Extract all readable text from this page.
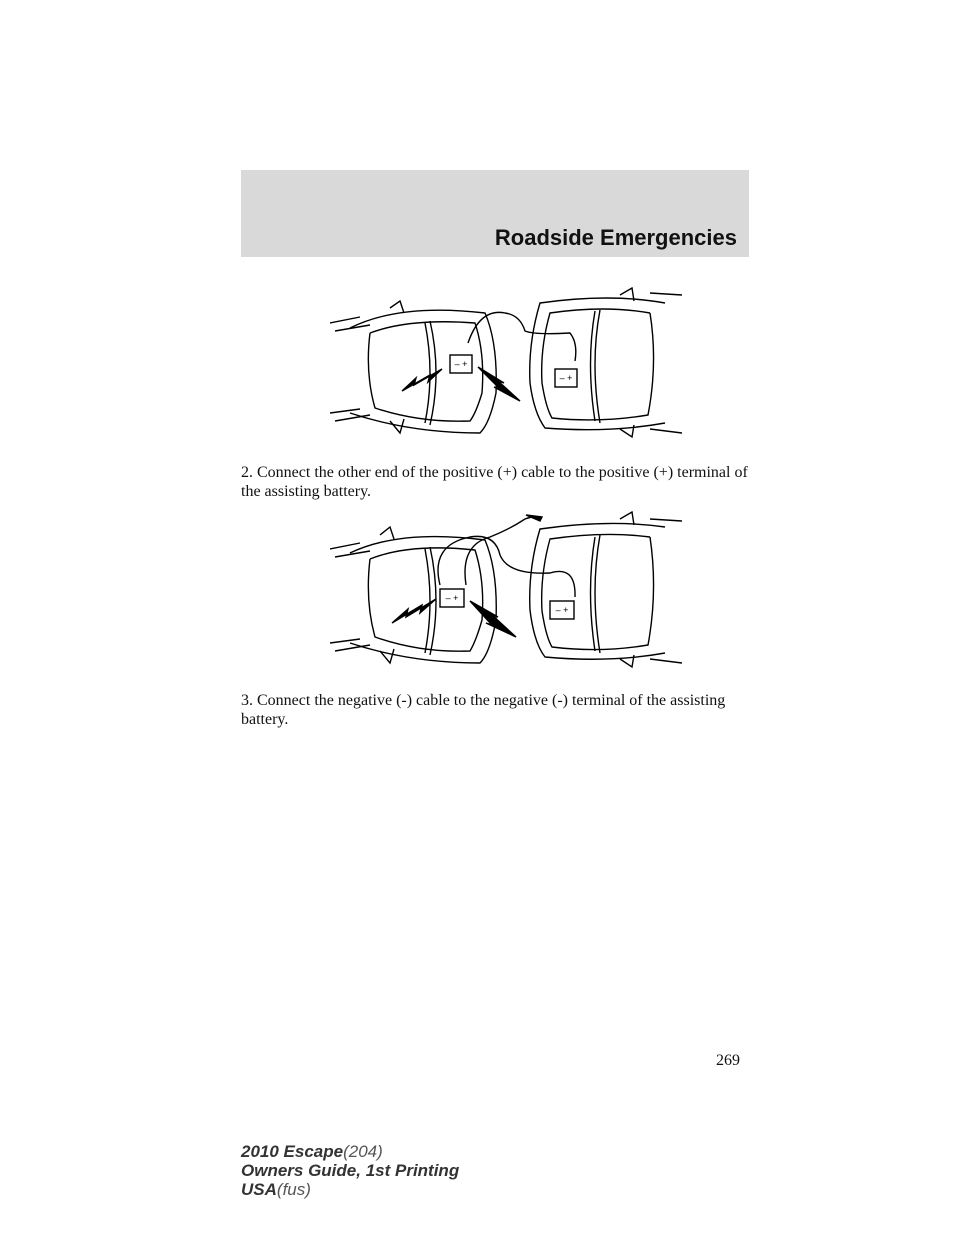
Roadside Emergencies
– +
– +
2. Connect the other end of the positive (+) cable to the positive (+) terminal of the assisting battery.
– +
– +
3. Connect the negative (-) cable to the negative (-) terminal of the assisting battery.
269
2010 Escape(204)
Owners Guide, 1st Printing
USA(fus)
